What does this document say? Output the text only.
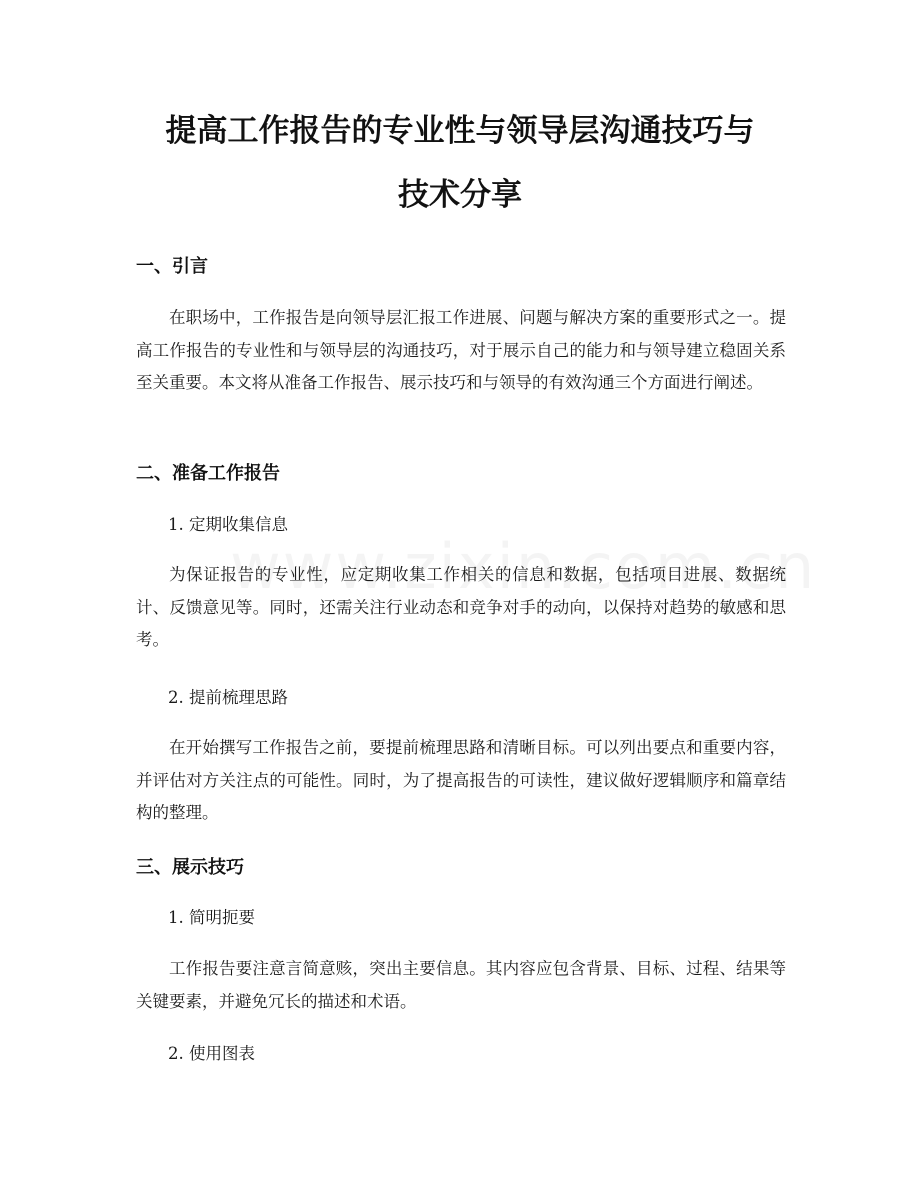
提高工作报告的专业性与领导层沟通技巧与
技术分享
一、引言

在职场中，工作报告是向领导层汇报工作进展、问题与解决方案的重要形式之一。提高工作报告的专业性和与领导层的沟通技巧，对于展示自己的能力和与领导建立稳固关系至关重要。本文将从准备工作报告、展示技巧和与领导的有效沟通三个方面进行阐述。

二、准备工作报告

1. 定期收集信息

为保证报告的专业性，应定期收集工作相关的信息和数据，包括项目进展、数据统计、反馈意见等。同时，还需关注行业动态和竞争对手的动向，以保持对趋势的敏感和思考。

2. 提前梳理思路

在开始撰写工作报告之前，要提前梳理思路和清晰目标。可以列出要点和重要内容，并评估对方关注点的可能性。同时，为了提高报告的可读性，建议做好逻辑顺序和篇章结构的整理。

三、展示技巧

1. 简明扼要

工作报告要注意言简意赅，突出主要信息。其内容应包含背景、目标、过程、结果等关键要素，并避免冗长的描述和术语。

2. 使用图表
